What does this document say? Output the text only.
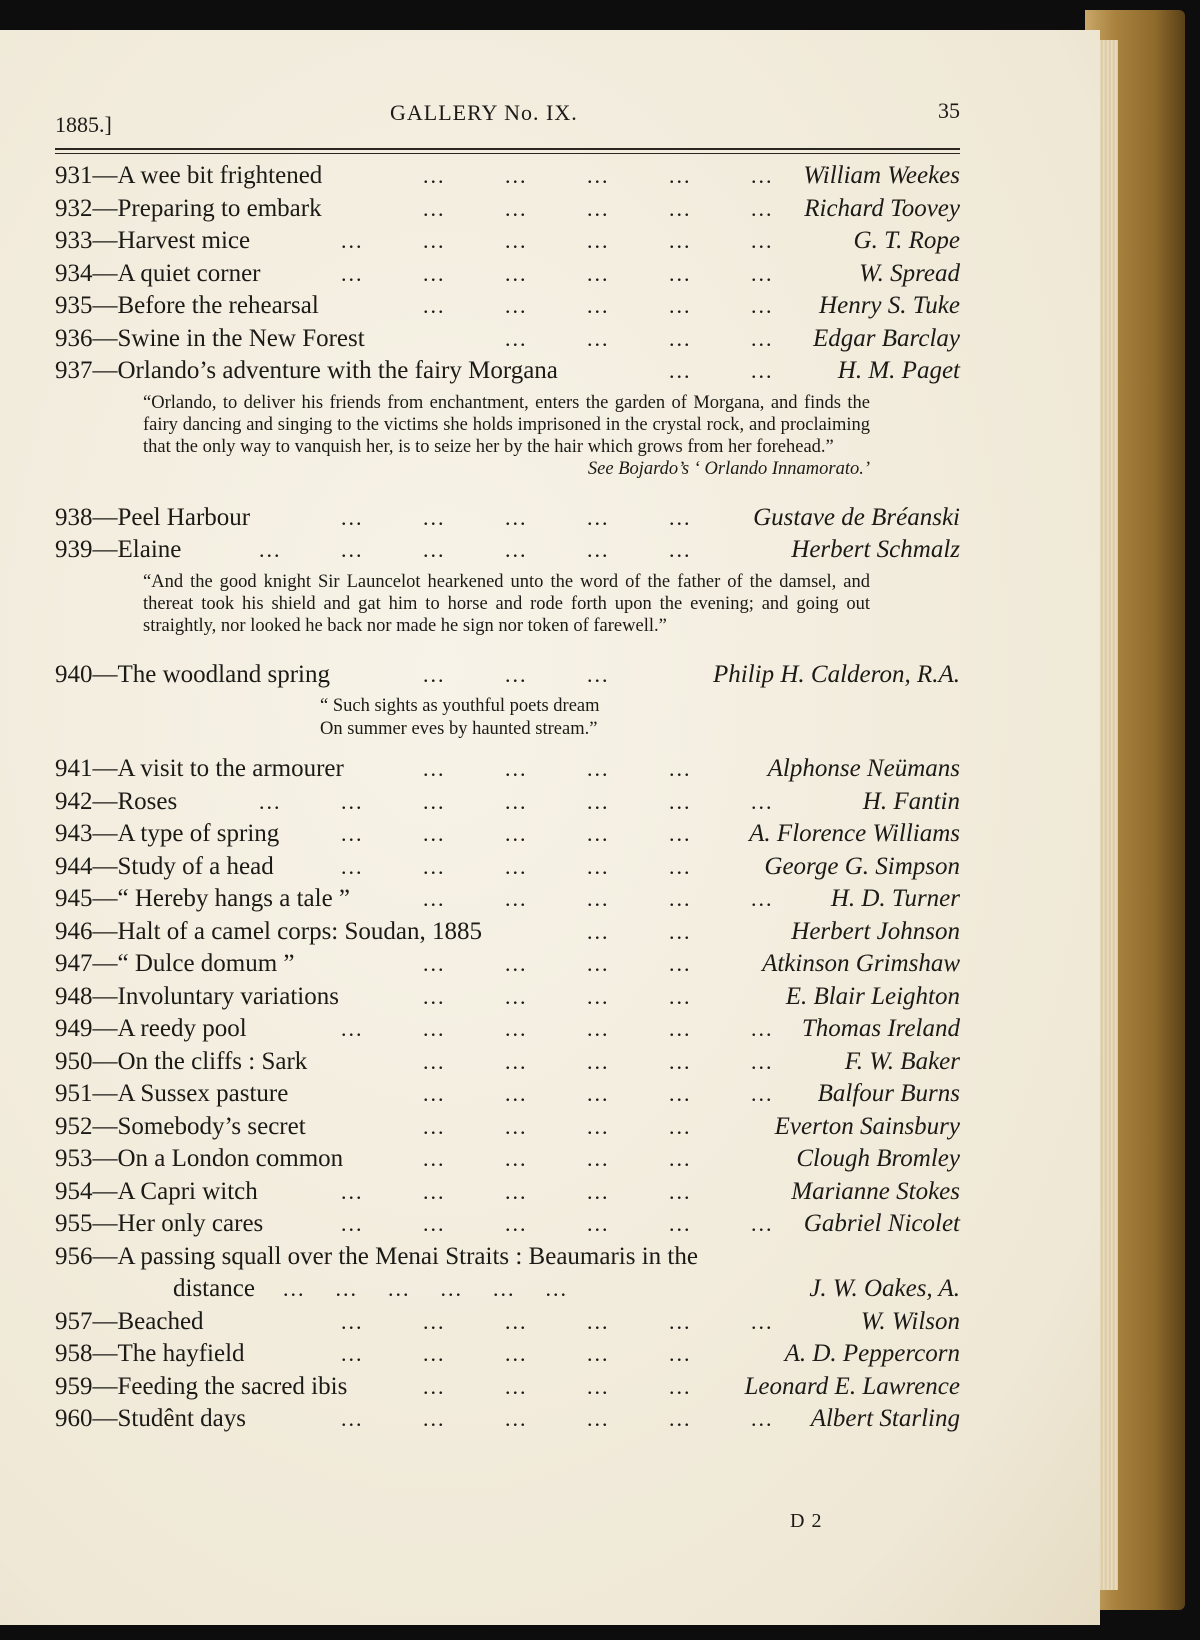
1885.]	GALLERY No. IX.	35
931—A wee bit frightened	...	...	...	...	... William Weekes
932—Preparing to embark	...	...	...	...	... Richard Toovey
933—Harvest mice	...	...	...	...	...	...	G. T. Rope
934—A quiet corner	...	...	...	...	...	...	W. Spread
935—Before the rehearsal	...	...	...	...	... Henry S. Tuke
936—Swine in the New Forest	...	...	...	... Edgar Barclay
937—Orlando’s adventure with the fairy Morgana	...	...	H. M. Paget
“Orlando, to deliver his friends from enchantment, enters the garden of Morgana, and finds the fairy dancing and singing to the victims she holds imprisoned in the crystal rock, and proclaiming that the only way to vanquish her, is to seize her by the hair which grows from her forehead.”
See Bojardo’s ‘ Orlando Innamorato.’
938—Peel Harbour	...	...	...	...	... Gustave de Bréanski
939—Elaine	...	...	...	...	...	...	Herbert Schmalz
“And the good knight Sir Launcelot hearkened unto the word of the father of the damsel, and thereat took his shield and gat him to horse and rode forth upon the evening; and going out straightly, nor looked he back nor made he sign nor token of farewell.”
940—The woodland spring	...	...	...	Philip H. Calderon, R.A.
“ Such sights as youthful poets dream
On summer eves by haunted stream.”
941—A visit to the armourer	...	...	...	...	Alphonse Neümans
942—Roses	...	...	...	...	...	...	...	H. Fantin
943—A type of spring	...	...	...	...	... A. Florence Williams
944—Study of a head	...	...	...	...	...	George G. Simpson
945—“ Hereby hangs a tale ”	...	...	...	...	... H. D. Turner
946—Halt of a camel corps: Soudan, 1885	...	...	Herbert Johnson
947—“ Dulce domum ”	...	...	...	...	Atkinson Grimshaw
948—Involuntary variations	...	...	...	...	E. Blair Leighton
949—A reedy pool	...	...	...	...	...	... Thomas Ireland
950—On the cliffs : Sark	...	...	...	...	...	F. W. Baker
951—A Sussex pasture	...	...	...	...	... Balfour Burns
952—Somebody’s secret	...	...	...	...	Everton Sainsbury
953—On a London common	...	...	...	...	Clough Bromley
954—A Capri witch	...	...	...	...	...	Marianne Stokes
955—Her only cares	...	...	...	...	...	... Gabriel Nicolet
956—A passing squall over the Menai Straits : Beaumaris in the
distance ...    ...    ...    ...    ...    ...	J. W. Oakes, A.
957—Beached	...	...	...	...	...	...	W. Wilson
958—The hayfield	...	...	...	...	...	A. D. Peppercorn
959—Feeding the sacred ibis	...	...	...	... Leonard E. Lawrence
960—Studênt days	...	...	...	...	...	... Albert Starling
D 2
